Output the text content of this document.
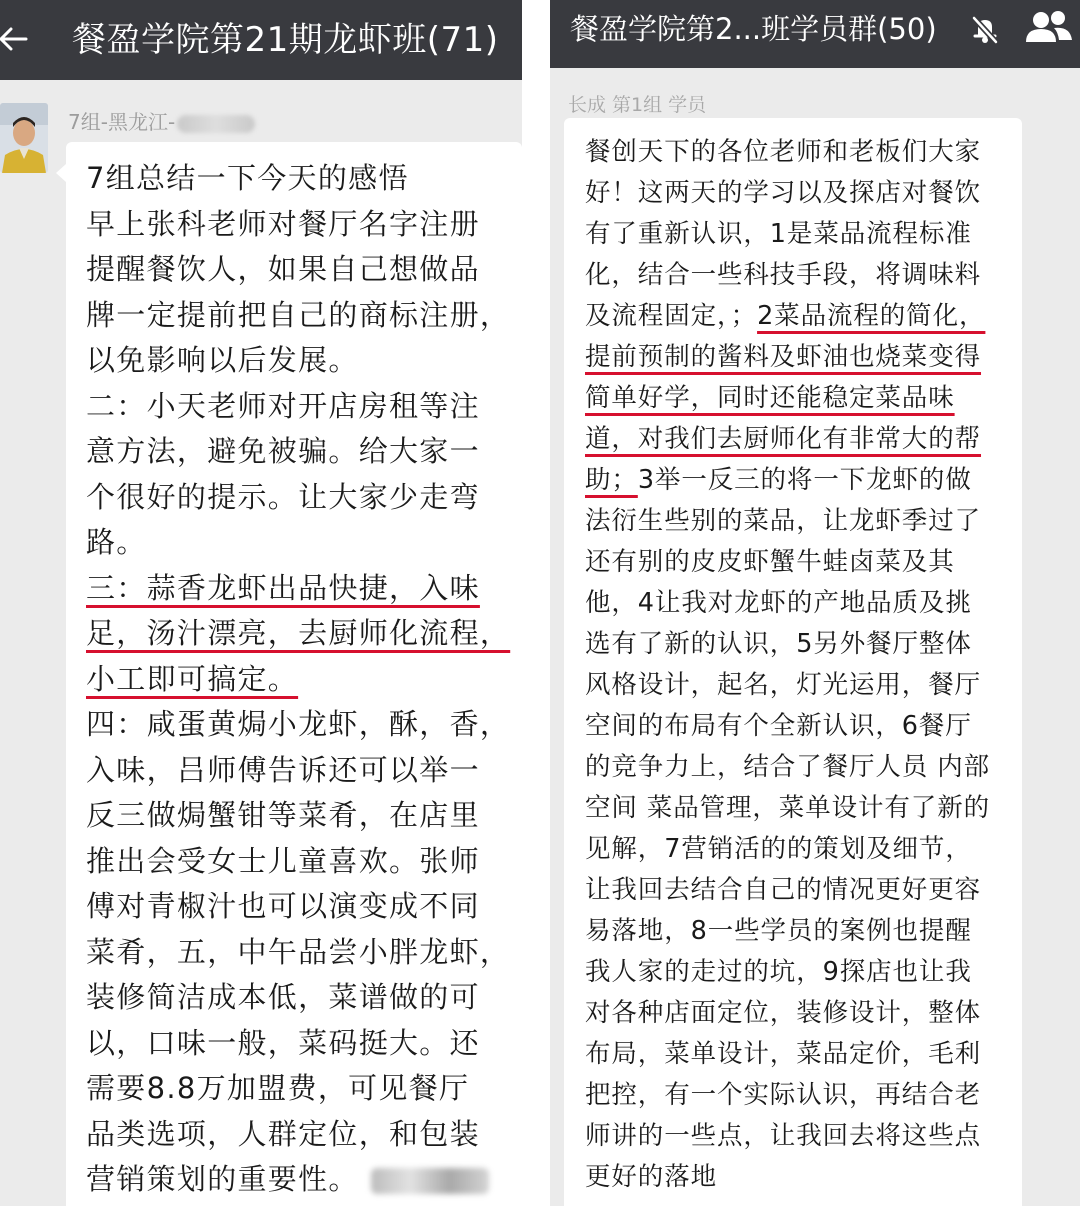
餐盈学院第21期龙虾班(71)
7组-黑龙江-
7组总结一下今天的感悟
早上张科老师对餐厅名字注册
提醒餐饮人，如果自己想做品
牌一定提前把自己的商标注册，
以免影响以后发展。
二：小天老师对开店房租等注
意方法，避免被骗。给大家一
个很好的提示。让大家少走弯
路。
三：蒜香龙虾出品快捷，入味
足，汤汁漂亮，去厨师化流程，
小工即可搞定。
四：咸蛋黄焗小龙虾，酥，香，
入味，吕师傅告诉还可以举一
反三做焗蟹钳等菜肴，在店里
推出会受女士儿童喜欢。张师
傅对青椒汁也可以演变成不同
菜肴，五，中午品尝小胖龙虾，
装修简洁成本低，菜谱做的可
以，口味一般，菜码挺大。还
需要8.8万加盟费，可见餐厅
品类选项，人群定位，和包装
营销策划的重要性。
餐盈学院第2...班学员群(50)
长成 第1组 学员
餐创天下的各位老师和老板们大家
好！这两天的学习以及探店对餐饮
有了重新认识，1是菜品流程标准
化，结合一些科技手段，将调味料
及流程固定，；2菜品流程的简化，
提前预制的酱料及虾油也烧菜变得
简单好学，同时还能稳定菜品味
道，对我们去厨师化有非常大的帮
助；3举一反三的将一下龙虾的做
法衍生些别的菜品，让龙虾季过了
还有别的皮皮虾蟹牛蛙卤菜及其
他，4让我对龙虾的产地品质及挑
选有了新的认识，5另外餐厅整体
风格设计，起名，灯光运用，餐厅
空间的布局有个全新认识，6餐厅
的竞争力上，结合了餐厅人员 内部
空间 菜品管理，菜单设计有了新的
见解，7营销活的的策划及细节，
让我回去结合自己的情况更好更容
易落地，8一些学员的案例也提醒
我人家的走过的坑，9探店也让我
对各种店面定位，装修设计，整体
布局，菜单设计，菜品定价，毛利
把控，有一个实际认识，再结合老
师讲的一些点，让我回去将这些点
更好的落地
